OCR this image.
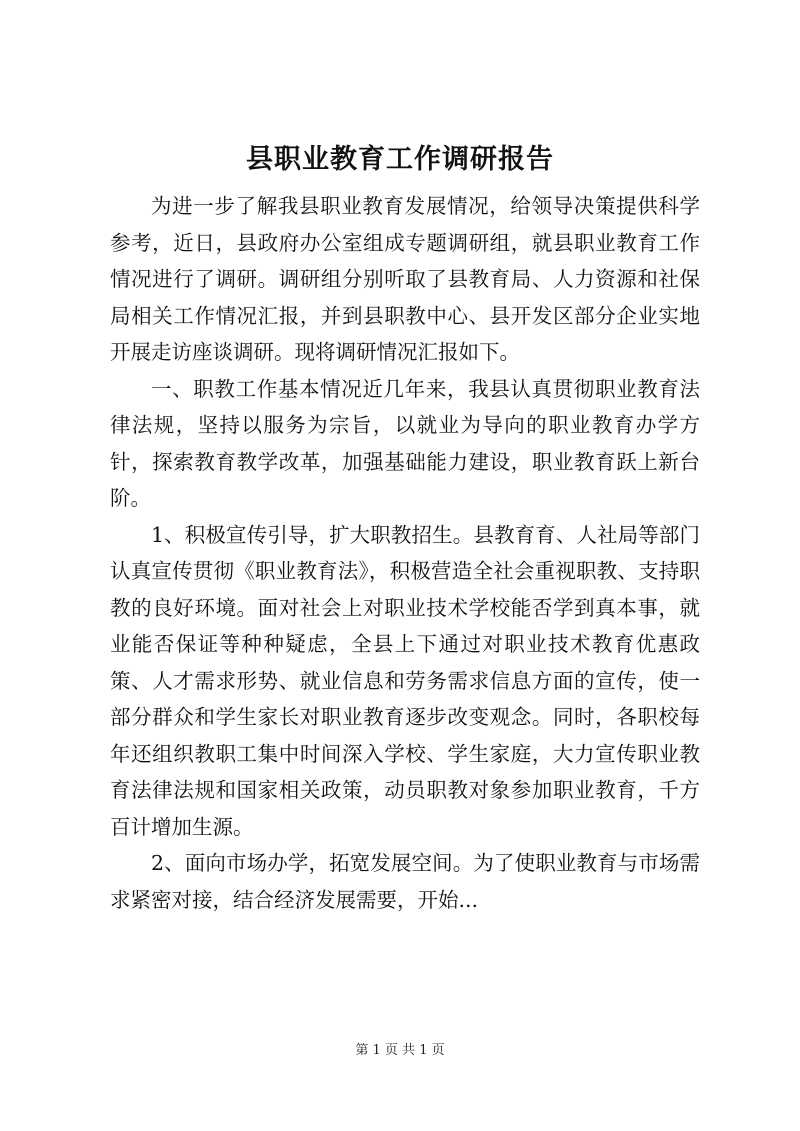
县职业教育工作调研报告

为进一步了解我县职业教育发展情况，给领导决策提供科学参考，近日，县政府办公室组成专题调研组，就县职业教育工作情况进行了调研。调研组分别听取了县教育局、人力资源和社保局相关工作情况汇报，并到县职教中心、县开发区部分企业实地开展走访座谈调研。现将调研情况汇报如下。

一、职教工作基本情况近几年来，我县认真贯彻职业教育法律法规，坚持以服务为宗旨，以就业为导向的职业教育办学方针，探索教育教学改革，加强基础能力建设，职业教育跃上新台阶。

1、积极宣传引导，扩大职教招生。县教育育、人社局等部门认真宣传贯彻《职业教育法》，积极营造全社会重视职教、支持职教的良好环境。面对社会上对职业技术学校能否学到真本事，就业能否保证等种种疑虑，全县上下通过对职业技术教育优惠政策、人才需求形势、就业信息和劳务需求信息方面的宣传，使一部分群众和学生家长对职业教育逐步改变观念。同时，各职校每年还组织教职工集中时间深入学校、学生家庭，大力宣传职业教育法律法规和国家相关政策，动员职教对象参加职业教育，千方百计增加生源。

2、面向市场办学，拓宽发展空间。为了使职业教育与市场需求紧密对接，结合经济发展需要，开始...

第 1 页 共 1 页
